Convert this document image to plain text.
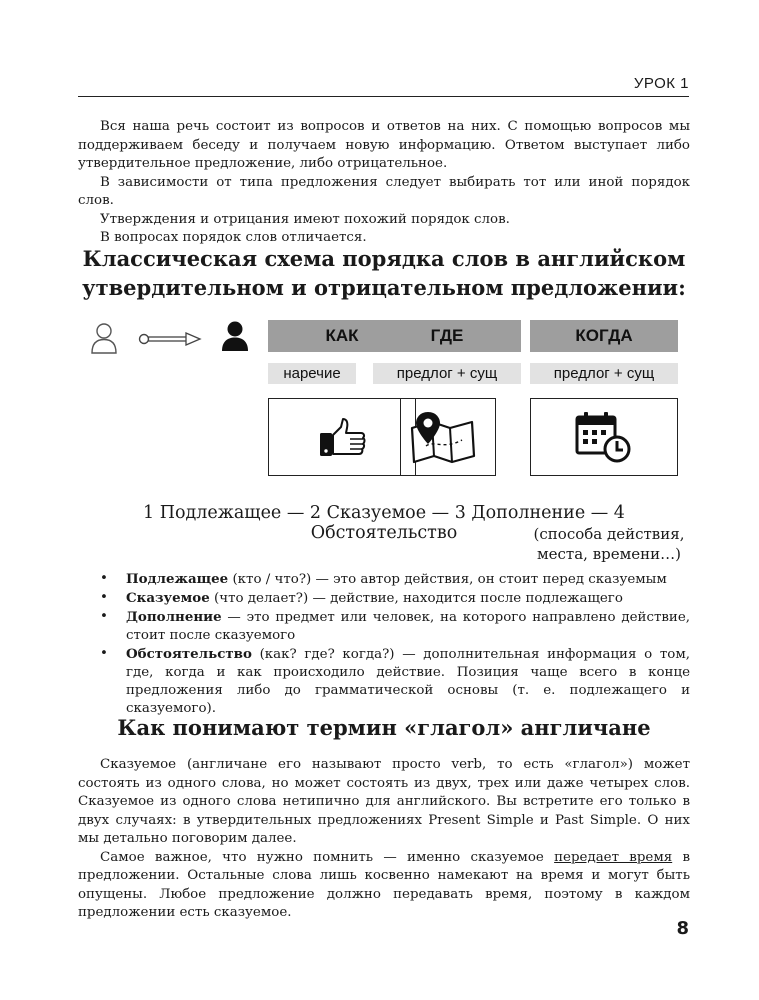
УРОК 1

Вся наша речь состоит из вопросов и ответов на них. С помощью вопросов мы поддерживаем беседу и получаем новую информацию. Ответом выступает либо утвердительное предложение, либо отрицательное.

В зависимости от типа предложения следует выбирать тот или иной порядок слов.

Утверждения и отрицания имеют похожий порядок слов.

В вопросах порядок слов отличается.

Классическая схема порядка слов в английском
утвердительном и отрицательном предложении:
КАК
наречие
ГДЕ
предлог + сущ
КОГДА
предлог + сущ
1 Подлежащее — 2 Сказуемое — 3 Дополнение — 4 Обстоятельство	(способа действия,
места, времени…)
• Подлежащее (кто / что?) — это автор действия, он стоит перед сказуемым
• Сказуемое (что делает?) — действие, находится после подлежащего
• Дополнение — это предмет или человек, на которого направлено действие, стоит после сказуемого
• Обстоятельство (как? где? когда?) — дополнительная информация о том, где, когда и как происходило действие. Позиция чаще всего в конце предложения либо до грамматической основы (т. е. подлежащего и сказуемого).
Как понимают термин «глагол» англичане

Сказуемое (англичане его называют просто verb, то есть «глагол») может состоять из одного слова, но может состоять из двух, трех или даже четырех слов. Сказуемое из одного слова нетипично для английского. Вы встретите его только в двух случаях: в утвердительных предложениях Present Simple и Past Simple. О них мы детально поговорим далее.

Самое важное, что нужно помнить — именно сказуемое передает время в предложении. Остальные слова лишь косвенно намекают на время и могут быть опущены. Любое предложение должно передавать время, поэтому в каждом предложении есть сказуемое.

8
